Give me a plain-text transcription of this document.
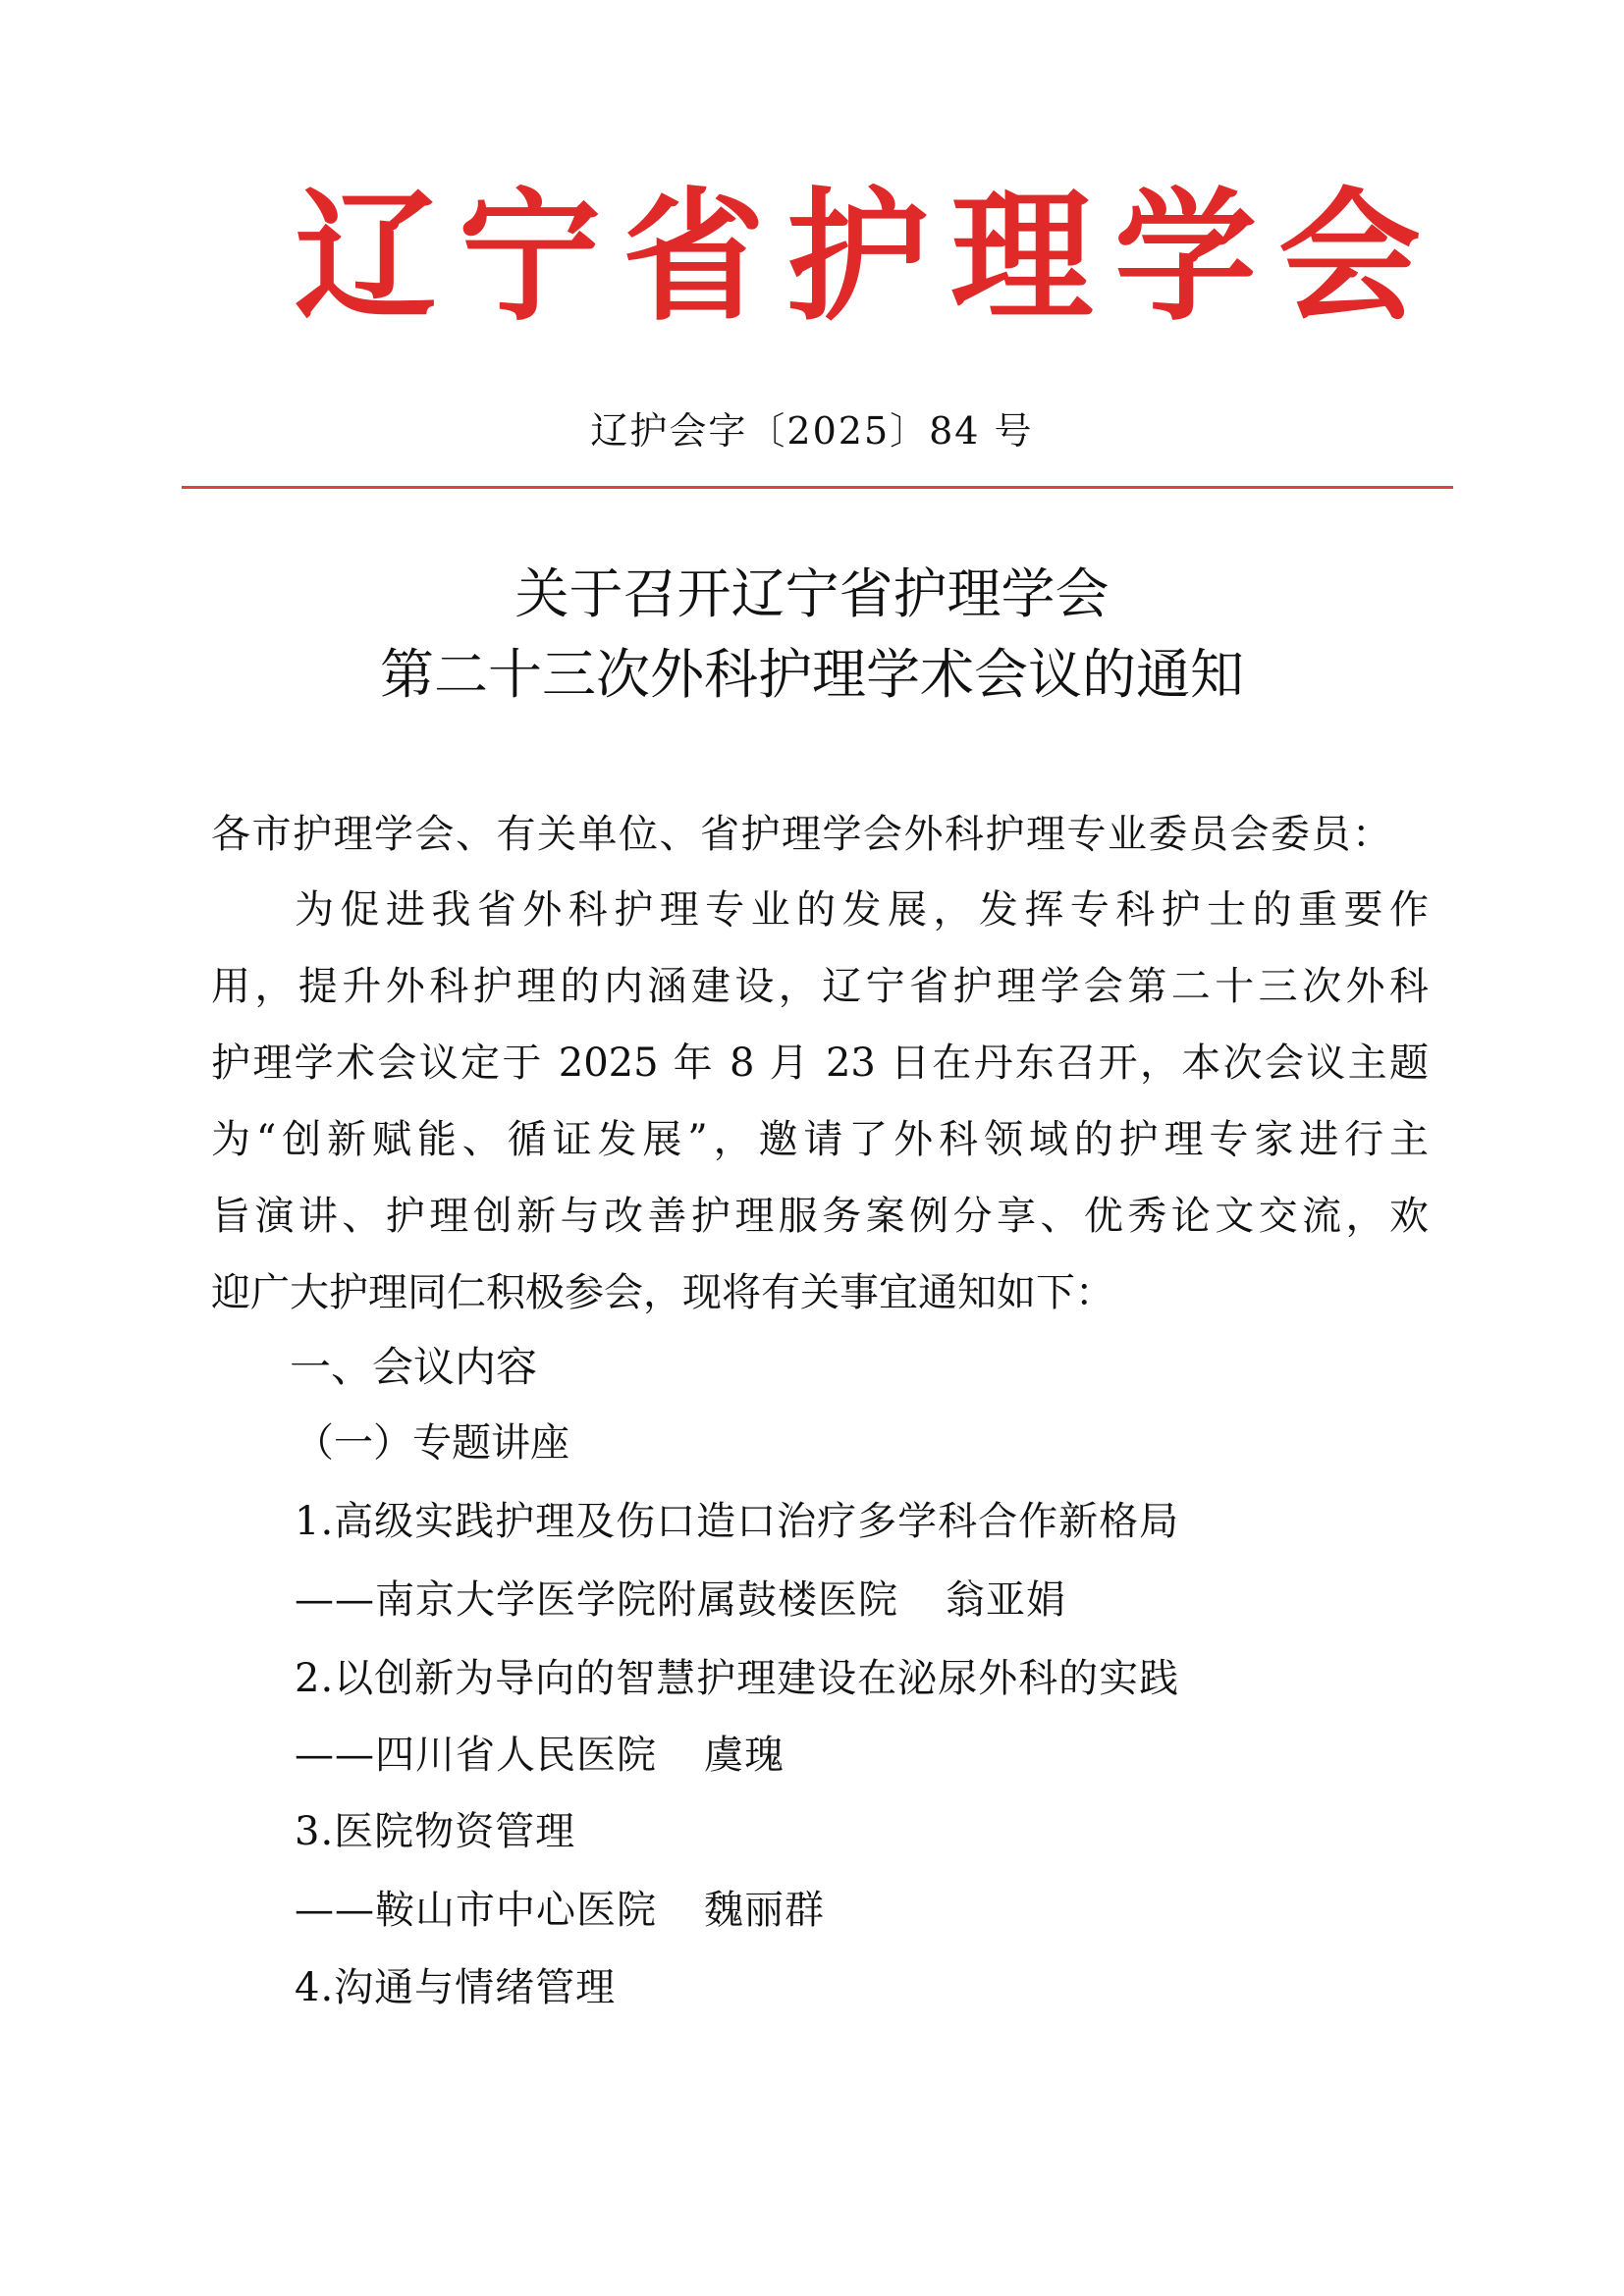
辽宁省护理学会
辽护会字〔2025〕84 号
关于召开辽宁省护理学会
第二十三次外科护理学术会议的通知
各市护理学会、有关单位、省护理学会外科护理专业委员会委员：
为促进我省外科护理专业的发展，发挥专科护士的重要作
用，提升外科护理的内涵建设，辽宁省护理学会第二十三次外科
护理学术会议定于 2025 年 8 月 23 日在丹东召开，本次会议主题
为“创新赋能、循证发展”，邀请了外科领域的护理专家进行主
旨演讲、护理创新与改善护理服务案例分享、优秀论文交流，欢
迎广大护理同仁积极参会，现将有关事宜通知如下：
一、会议内容
（一）专题讲座
1.高级实践护理及伤口造口治疗多学科合作新格局
——南京大学医学院附属鼓楼医院 翁亚娟
2.以创新为导向的智慧护理建设在泌尿外科的实践
——四川省人民医院 虞瑰
3.医院物资管理
——鞍山市中心医院 魏丽群
4.沟通与情绪管理
